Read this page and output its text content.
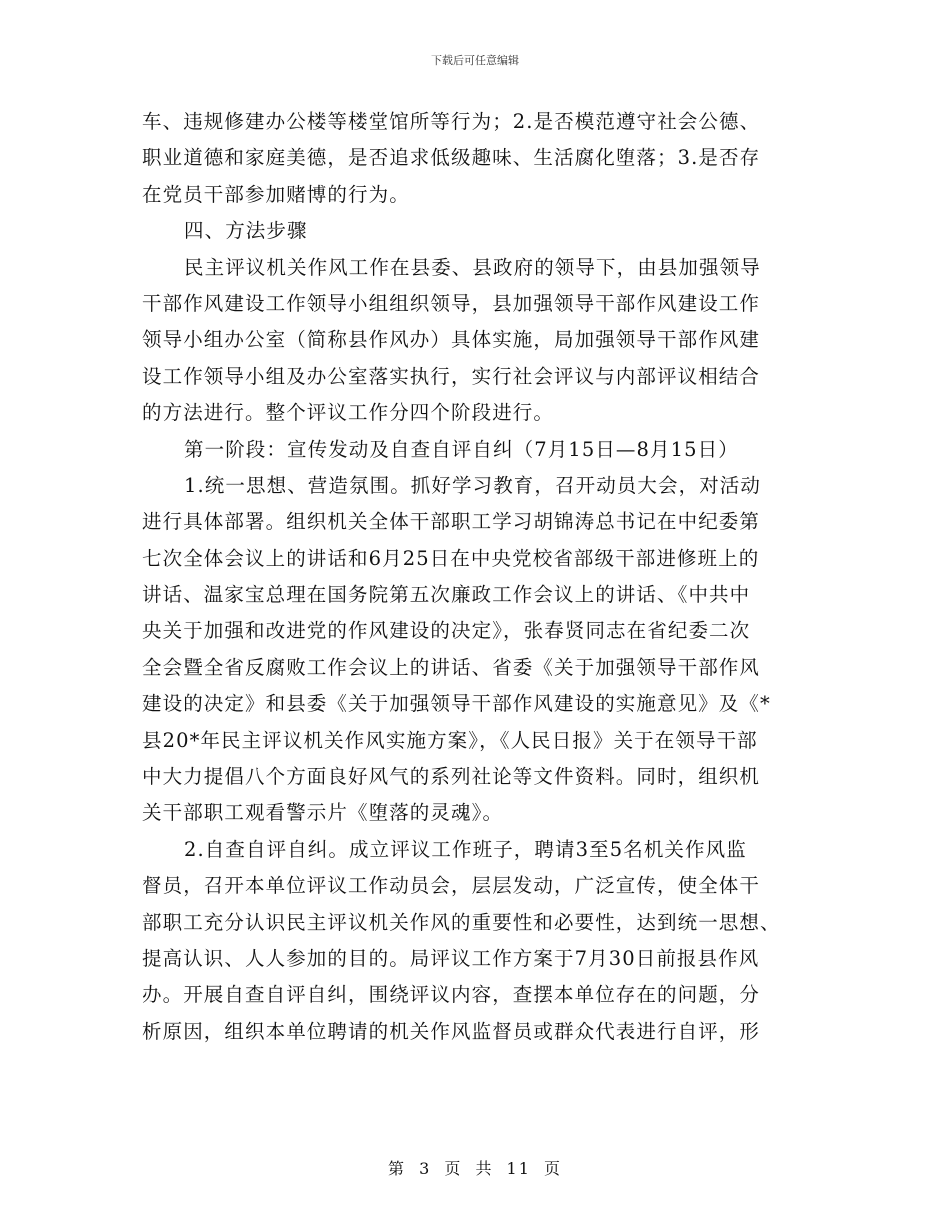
下载后可任意编辑
车、违规修建办公楼等楼堂馆所等行为；2.是否模范遵守社会公德、
职业道德和家庭美德，是否追求低级趣味、生活腐化堕落；3.是否存
在党员干部参加赌博的行为。
四、方法步骤
民主评议机关作风工作在县委、县政府的领导下，由县加强领导
干部作风建设工作领导小组组织领导，县加强领导干部作风建设工作
领导小组办公室（简称县作风办）具体实施，局加强领导干部作风建
设工作领导小组及办公室落实执行，实行社会评议与内部评议相结合
的方法进行。整个评议工作分四个阶段进行。
第一阶段：宣传发动及自查自评自纠（7月15日—8月15日）
1.统一思想、营造氛围。抓好学习教育，召开动员大会，对活动
进行具体部署。组织机关全体干部职工学习胡锦涛总书记在中纪委第
七次全体会议上的讲话和6月25日在中央党校省部级干部进修班上的
讲话、温家宝总理在国务院第五次廉政工作会议上的讲话、《中共中
央关于加强和改进党的作风建设的决定》，张春贤同志在省纪委二次
全会暨全省反腐败工作会议上的讲话、省委《关于加强领导干部作风
建设的决定》和县委《关于加强领导干部作风建设的实施意见》及《*
县20*年民主评议机关作风实施方案》，《人民日报》关于在领导干部
中大力提倡八个方面良好风气的系列社论等文件资料。同时，组织机
关干部职工观看警示片《堕落的灵魂》。
2.自查自评自纠。成立评议工作班子，聘请3至5名机关作风监
督员，召开本单位评议工作动员会，层层发动，广泛宣传，使全体干
部职工充分认识民主评议机关作风的重要性和必要性，达到统一思想、
提高认识、人人参加的目的。局评议工作方案于7月30日前报县作风
办。开展自查自评自纠，围绕评议内容，查摆本单位存在的问题，分
析原因，组织本单位聘请的机关作风监督员或群众代表进行自评，形
第 3 页 共 11 页
